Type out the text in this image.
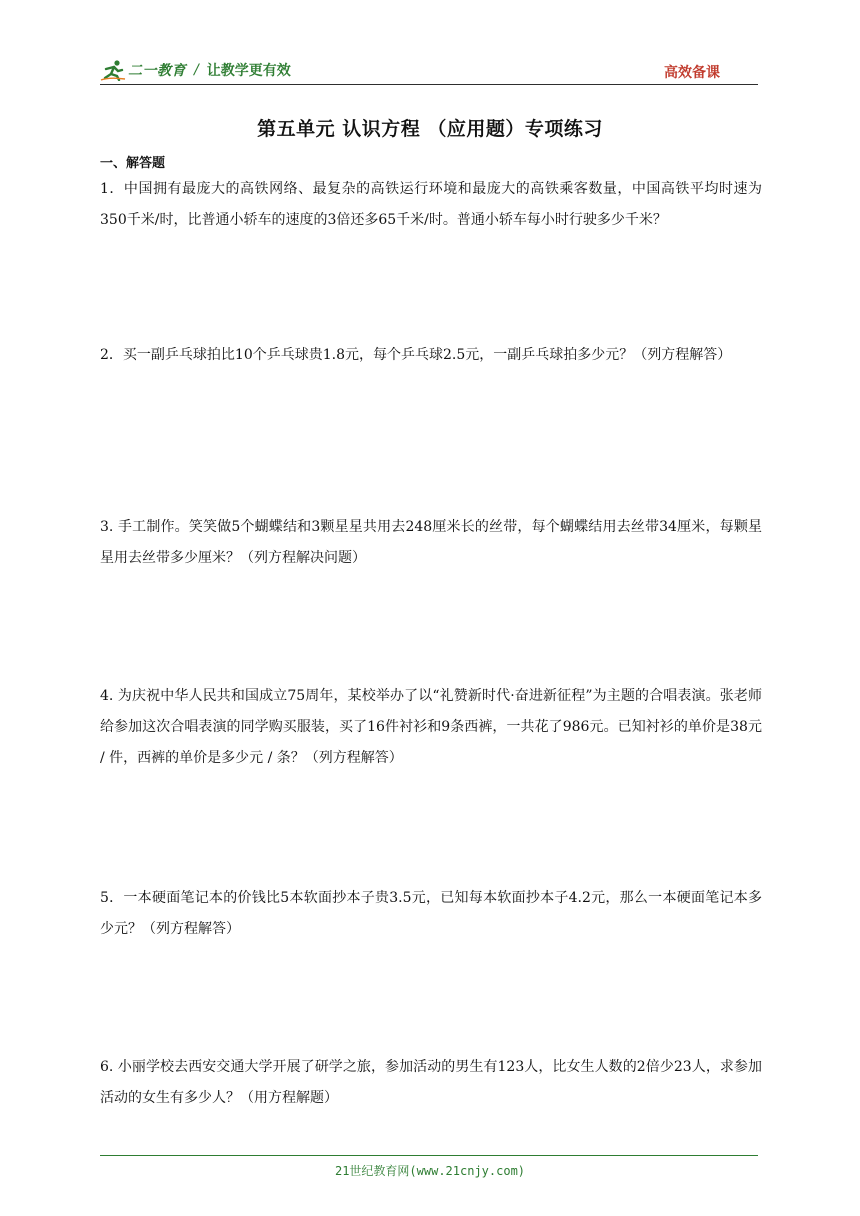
二一教育 / 让教学更有效	高效备课
第五单元 认识方程 （应用题）专项练习
一、解答题
1．中国拥有最庞大的高铁网络、最复杂的高铁运行环境和最庞大的高铁乘客数量，中国高铁平均时速为350千米/时，比普通小轿车的速度的3倍还多65千米/时。普通小轿车每小时行驶多少千米？
2．买一副乒乓球拍比10个乒乓球贵1.8元，每个乒乓球2.5元，一副乒乓球拍多少元？（列方程解答）
3. 手工制作。笑笑做5个蝴蝶结和3颗星星共用去248厘米长的丝带，每个蝴蝶结用去丝带34厘米，每颗星星用去丝带多少厘米？（列方程解决问题）
4. 为庆祝中华人民共和国成立75周年，某校举办了以“礼赞新时代·奋进新征程”为主题的合唱表演。张老师给参加这次合唱表演的同学购买服装，买了16件衬衫和9条西裤，一共花了986元。已知衬衫的单价是38元 / 件，西裤的单价是多少元 / 条？（列方程解答）
5．一本硬面笔记本的价钱比5本软面抄本子贵3.5元，已知每本软面抄本子4.2元，那么一本硬面笔记本多少元？（列方程解答）
6. 小丽学校去西安交通大学开展了研学之旅，参加活动的男生有123人，比女生人数的2倍少23人，求参加活动的女生有多少人？（用方程解题）
21世纪教育网(www.21cnjy.com)
